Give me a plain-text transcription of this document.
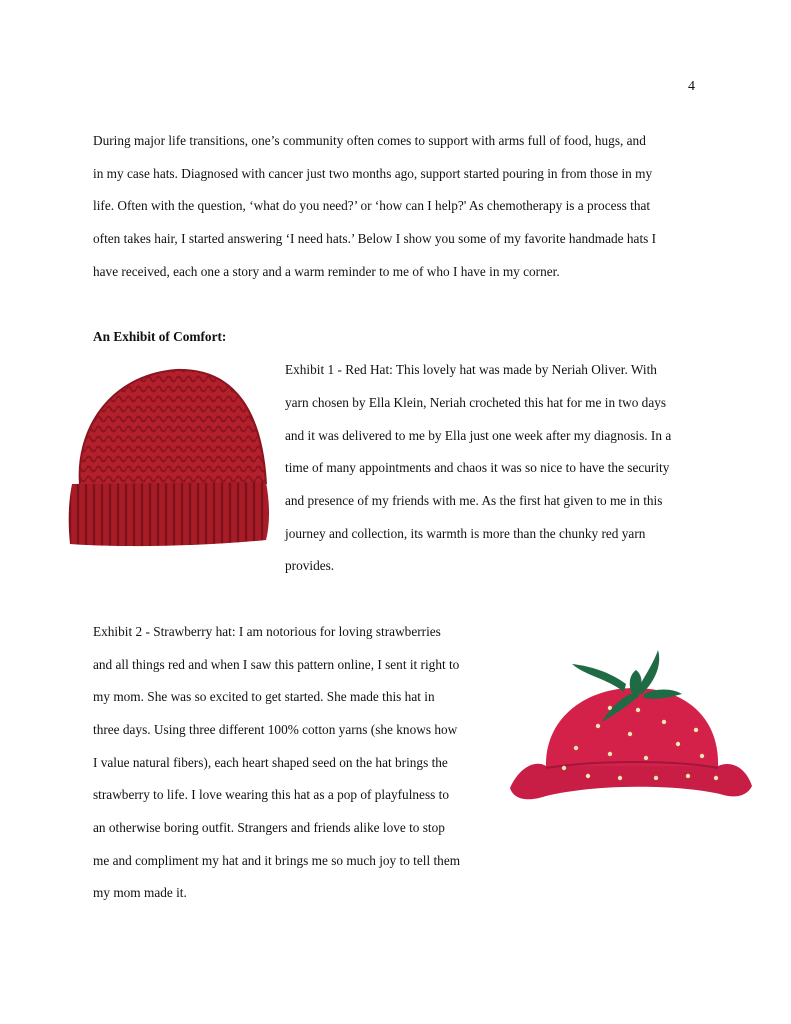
4
During major life transitions, one’s community often comes to support with arms full of food, hugs, and
in my case hats. Diagnosed with cancer just two months ago, support started pouring in from those in my
life. Often with the question, ‘what do you need?’ or ‘how can I help?' As chemotherapy is a process that
often takes hair, I started answering ‘I need hats.’ Below I show you some of my favorite handmade hats I
have received, each one a story and a warm reminder to me of who I have in my corner.
An Exhibit of Comfort:
Exhibit 1 - Red Hat: This lovely hat was made by Neriah Oliver. With
yarn chosen by Ella Klein, Neriah crocheted this hat for me in two days
and it was delivered to me by Ella just one week after my diagnosis. In a
time of many appointments and chaos it was so nice to have the security
and presence of my friends with me. As the first hat given to me in this
journey and collection, its warmth is more than the chunky red yarn
provides.
Exhibit 2 - Strawberry hat: I am notorious for loving strawberries
and all things red and when I saw this pattern online, I sent it right to
my mom. She was so excited to get started. She made this hat in
three days. Using three different 100% cotton yarns (she knows how
I value natural fibers), each heart shaped seed on the hat brings the
strawberry to life. I love wearing this hat as a pop of playfulness to
an otherwise boring outfit. Strangers and friends alike love to stop
me and compliment my hat and it brings me so much joy to tell them
my mom made it.
